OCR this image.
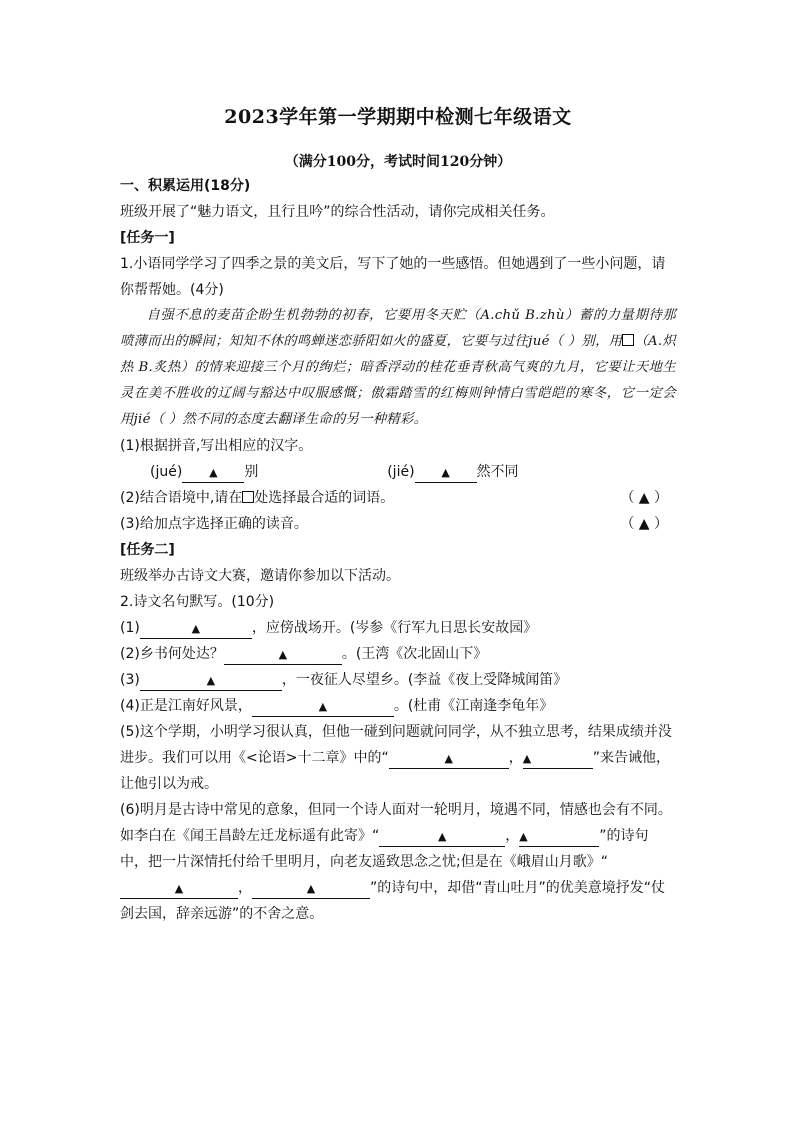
2023学年第一学期期中检测七年级语文
（满分100分，考试时间120分钟）
一、积累运用(18分)
班级开展了“魅力语文，且行且吟”的综合性活动，请你完成相关任务。
[任务一]
1.小语同学学习了四季之景的美文后，写下了她的一些感悟。但她遇到了一些小问题，请你帮帮她。(4分)
自强不息的麦苗企盼生机勃勃的初春，它要用冬天贮（A.chǔ B.zhù）蓄的力量期待那喷薄而出的瞬间；知知不休的鸣蝉迷恋骄阳如火的盛夏，它要与过往jué（ ）别，用 （A.炽热 B.炙热）的情来迎接三个月的绚烂；暗香浮动的桂花垂青秋高气爽的九月，它要让天地生灵在美不胜收的辽阔与豁达中叹服感慨；傲霜踏雪的红梅则钟情白雪皑皑的寒冬，它一定会用jié（ ）然不同的态度去翻译生命的另一种精彩。
(1)根据拼音,写出相应的汉字。
(jué) ▲ 别	(jié) ▲ 然不同
(2)结合语境中,请在 处选择最合适的词语。	（ ▲ ）
(3)给加点字选择正确的读音。	（ ▲ ）
[任务二]
班级举办古诗文大赛，邀请你参加以下活动。
2.诗文名句默写。(10分)
(1)	▲	，应傍战场开。(岑参《行军九日思长安故园》
(2)乡书何处达？	▲	。(王湾《次北固山下》
(3)	▲	，一夜征人尽望乡。(李益《夜上受降城闻笛》
(4)正是江南好风景，	▲	。(杜甫《江南逢李龟年》
(5)这个学期，小明学习很认真，但他一碰到问题就问同学，从不独立思考，结果成绩并没进步。我们可以用《<论语>十二章》中的“	▲	，▲	”来告诫他，让他引以为戒。
(6)明月是古诗中常见的意象，但同一个诗人面对一轮明月，境遇不同，情感也会有不同。如李白在《闻王昌龄左迁龙标遥有此寄》“	▲	，▲	”的诗句中，把一片深情托付给千里明月，向老友遥致思念之忧;但是在《峨眉山月歌》“▲	，	▲	”的诗句中，却借“青山吐月”的优美意境抒发“仗剑去国，辞亲远游”的不舍之意。
